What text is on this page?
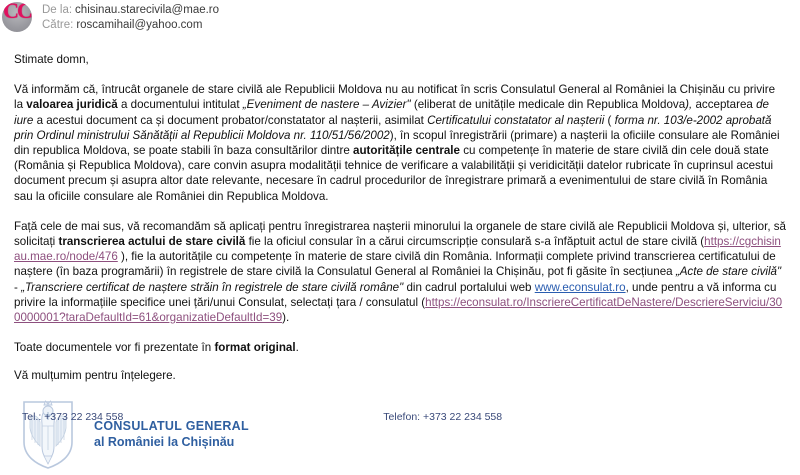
CC De la: chisinau.starecivila@mae.ro
Către: roscamihail@yahoo.com
Stimate domn,
Vă informăm că, întrucât organele de stare civilă ale Republicii Moldova nu au notificat în scris Consulatul General al României la Chișinău cu privire la valoarea juridică a documentului intitulat „Eveniment de nastere – Avizier" (eliberat de unitățile medicale din Republica Moldova), acceptarea de iure a acestui document ca și document probator/constatator al nașterii, asimilat Certificatului constatator al nașterii ( forma nr. 103/e-2002 aprobată prin Ordinul ministrului Sănătății al Republicii Moldova nr. 110/51/56/2002), în scopul înregistrării (primare) a nașterii la oficiile consulare ale României din republica Moldova, se poate stabili în baza consultărilor dintre autoritățile centrale cu competențe în materie de stare civilă din cele două state (România și Republica Moldova), care convin asupra modalității tehnice de verificare a valabilității și veridicității datelor rubricate în cuprinsul acestui document precum și asupra altor date relevante, necesare în cadrul procedurilor de înregistrare primară a evenimentului de stare civilă în România sau la oficiile consulare ale României din Republica Moldova.
Față cele de mai sus, vă recomandăm să aplicați pentru înregistrarea nașterii minorului la organele de stare civilă ale Republicii Moldova și, ulterior, să solicitați transcrierea actului de stare civilă fie la oficiul consular în a cărui circumscripție consulară s-a înfăptuit actul de stare civilă (https://cgchisinau.mae.ro/node/476 ), fie la autoritățile cu competențe în materie de stare civilă din România. Informații complete privind transcrierea certificatului de naștere (în baza programării) în registrele de stare civilă la Consulatul General al României la Chișinău, pot fi găsite în secțiunea „Acte de stare civilă" - „Transcriere certificat de naștere străin în registrele de stare civilă române" din cadrul portalului web www.econsulat.ro, unde pentru a vă informa cu privire la informațiile specifice unei țări/unui Consulat, selectați țara / consulatul (https://econsulat.ro/InscriereCertificatDeNastere/DescriereServiciu/300000001?taraDefaultId=61&organizatieDefaultId=39).
Toate documentele vor fi prezentate în format original.
Vă mulțumim pentru înțelegere.
CONSULATUL GENERAL
al României la Chișinău
Tel.: +373 22 234 558	Telefon: +373 22 234 558
